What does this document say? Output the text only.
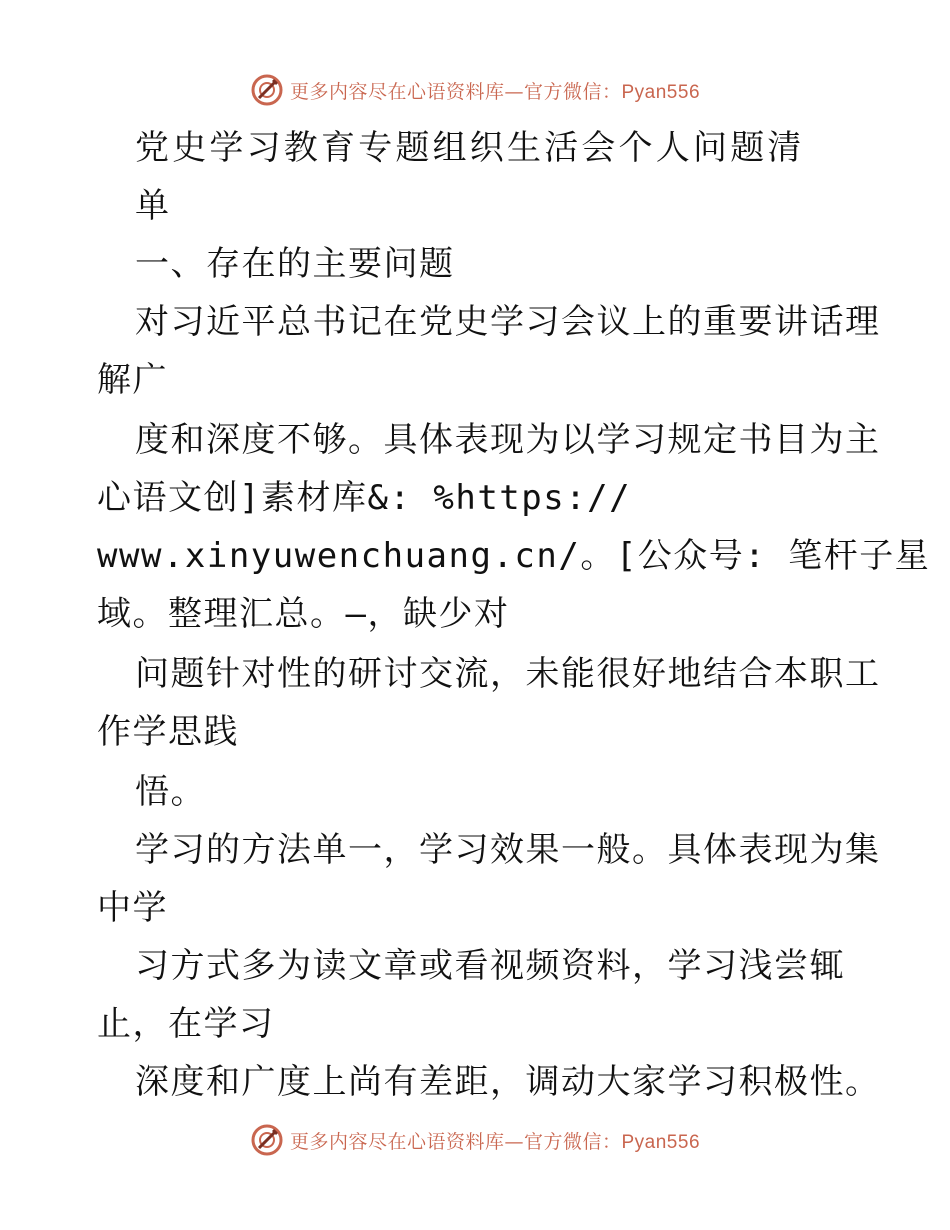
更多内容尽在心语资料库—官方微信：Pyan556
党史学习教育专题组织生活会个人问题清
单
一、存在的主要问题
对习近平总书记在党史学习会议上的重要讲话理
解广
度和深度不够。具体表现为以学习规定书目为主
心语文创]素材库&: %https://
www.xinyuwenchuang.cn/。[公众号: 笔杆子星
域。整理汇总。—，缺少对
问题针对性的研讨交流，未能很好地结合本职工
作学思践
悟。
学习的方法单一，学习效果一般。具体表现为集
中学
习方式多为读文章或看视频资料，学习浅尝辄
止，在学习
深度和广度上尚有差距，调动大家学习积极性。
更多内容尽在心语资料库—官方微信：Pyan556
